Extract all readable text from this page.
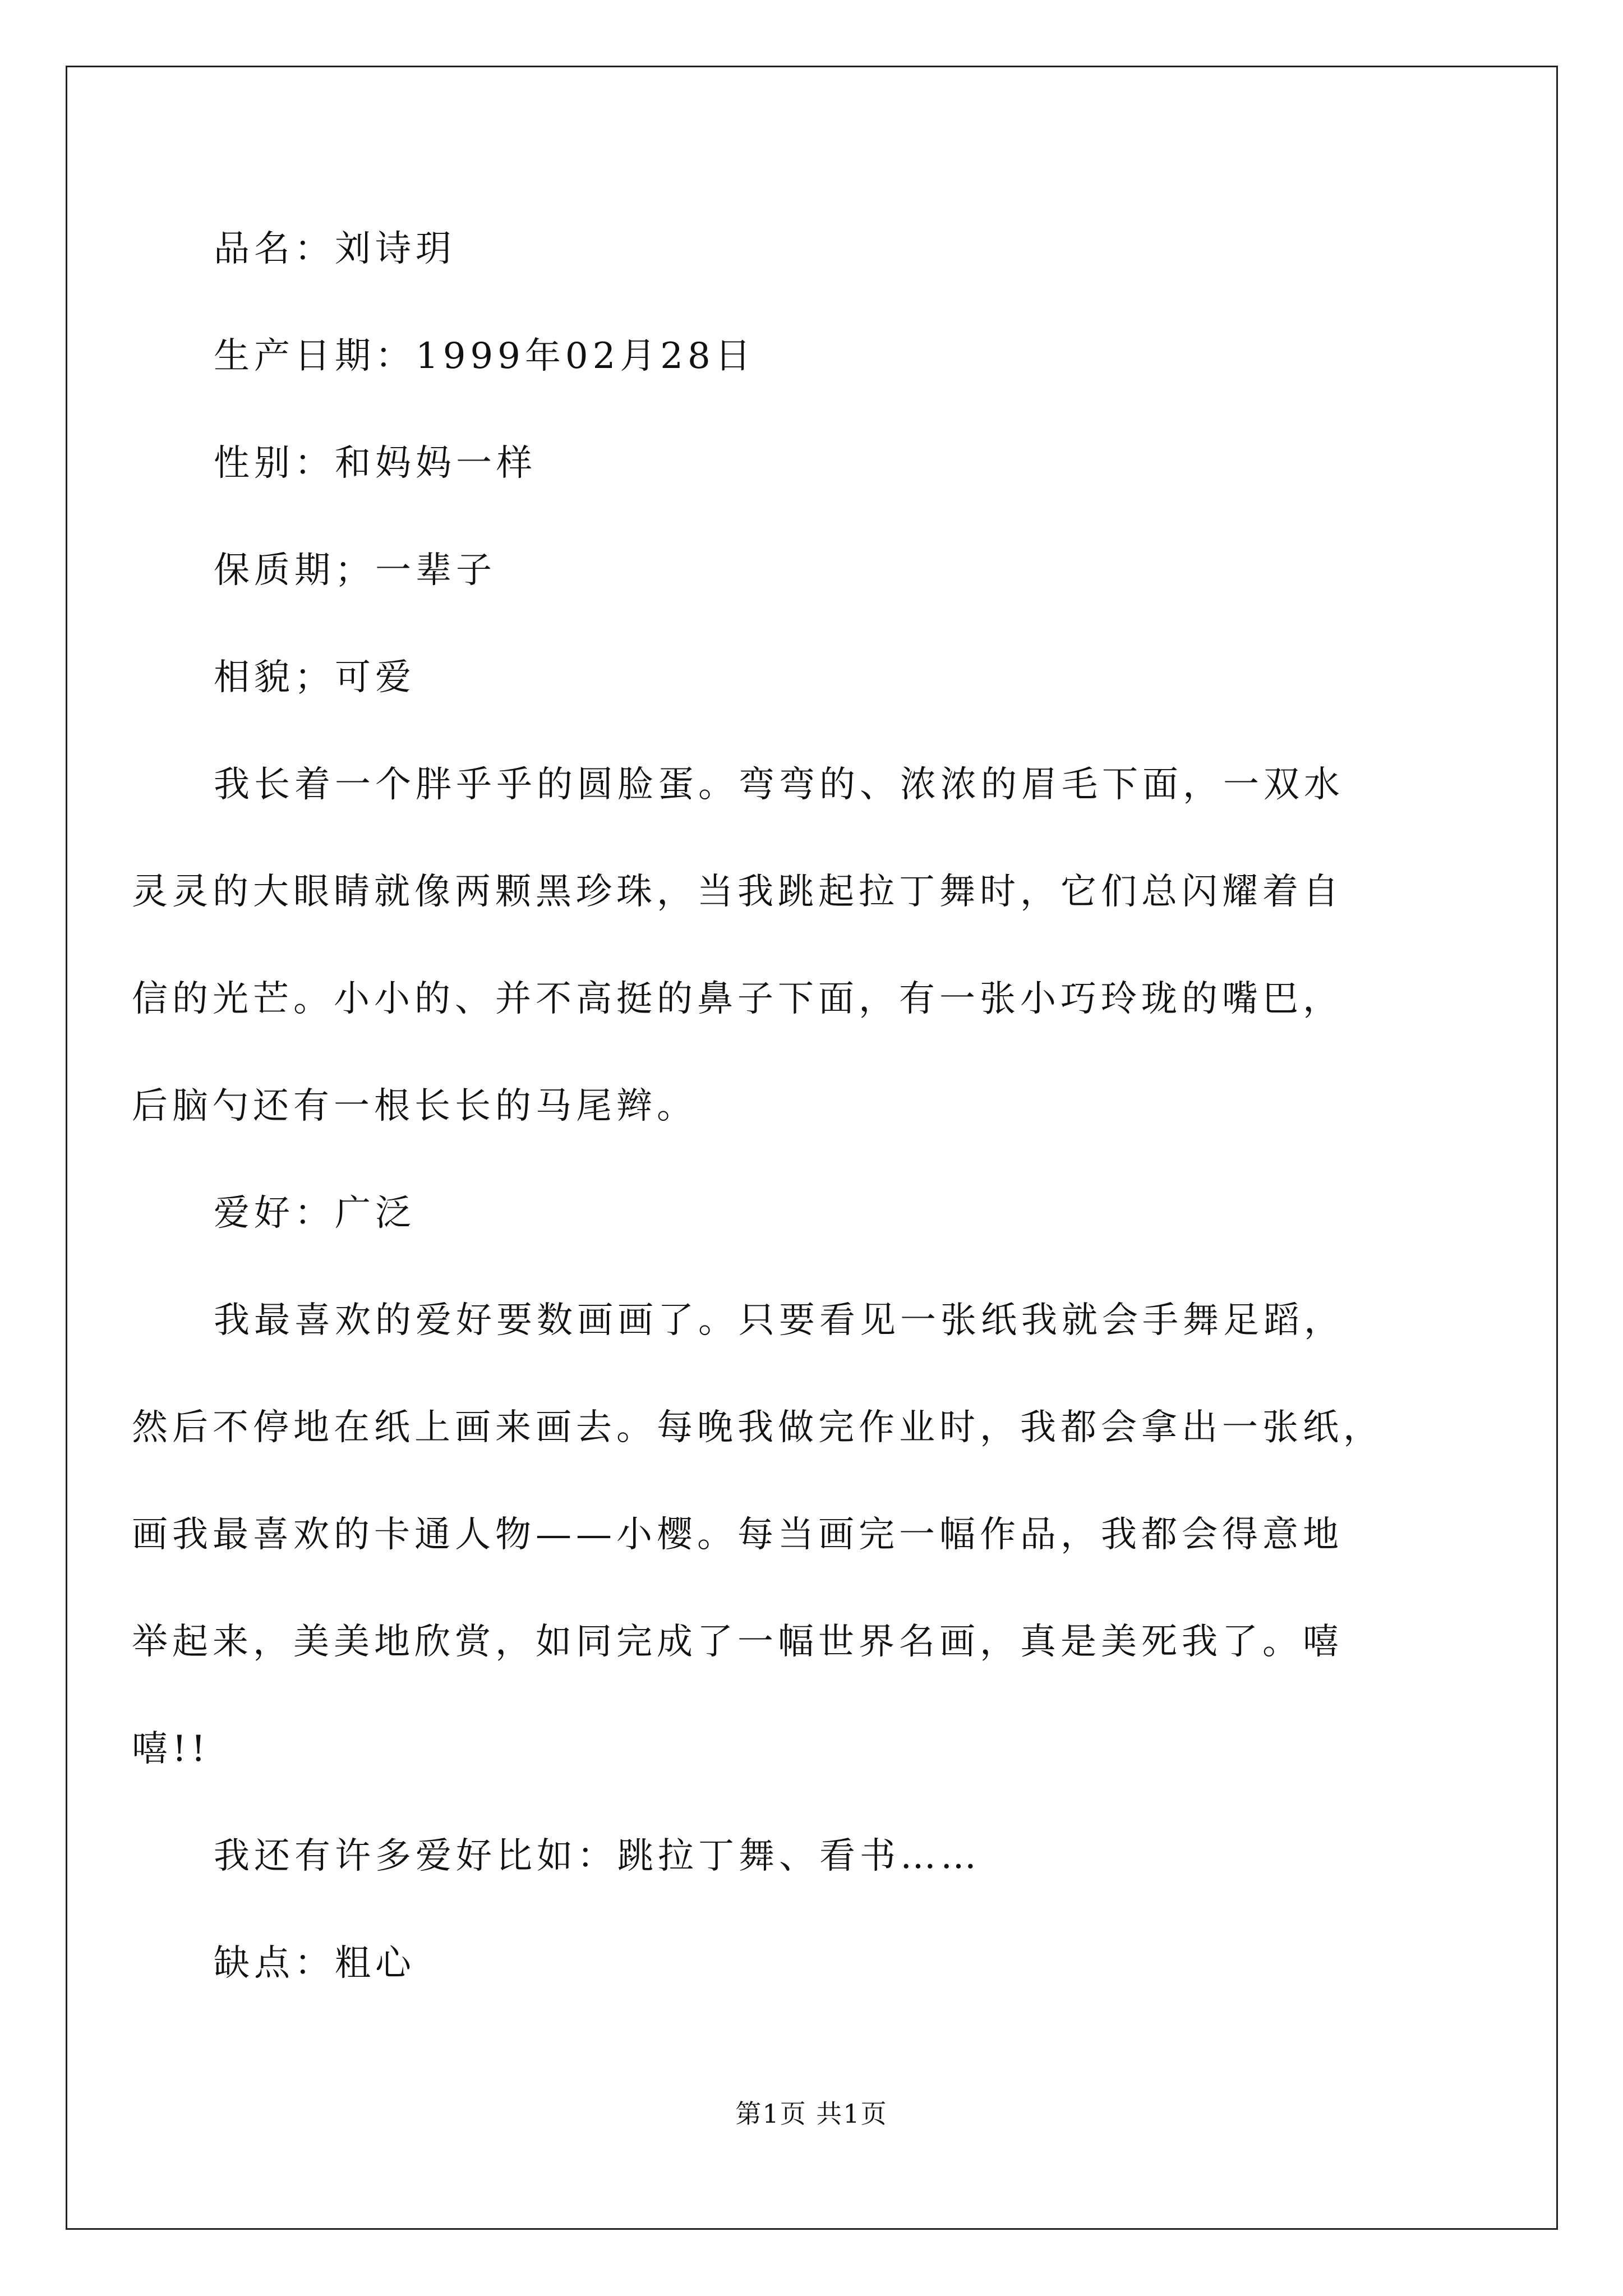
品名：刘诗玥
生产日期：1999年02月28日
性别：和妈妈一样
保质期；一辈子
相貌；可爱
我长着一个胖乎乎的圆脸蛋。弯弯的、浓浓的眉毛下面，一双水
灵灵的大眼睛就像两颗黑珍珠，当我跳起拉丁舞时，它们总闪耀着自
信的光芒。小小的、并不高挺的鼻子下面，有一张小巧玲珑的嘴巴，
后脑勺还有一根长长的马尾辫。
爱好：广泛
我最喜欢的爱好要数画画了。只要看见一张纸我就会手舞足蹈，
然后不停地在纸上画来画去。每晚我做完作业时，我都会拿出一张纸，
画我最喜欢的卡通人物——小樱。每当画完一幅作品，我都会得意地
举起来，美美地欣赏，如同完成了一幅世界名画，真是美死我了。嘻
嘻!!
我还有许多爱好比如：跳拉丁舞、看书……
缺点：粗心
第1页 共1页
